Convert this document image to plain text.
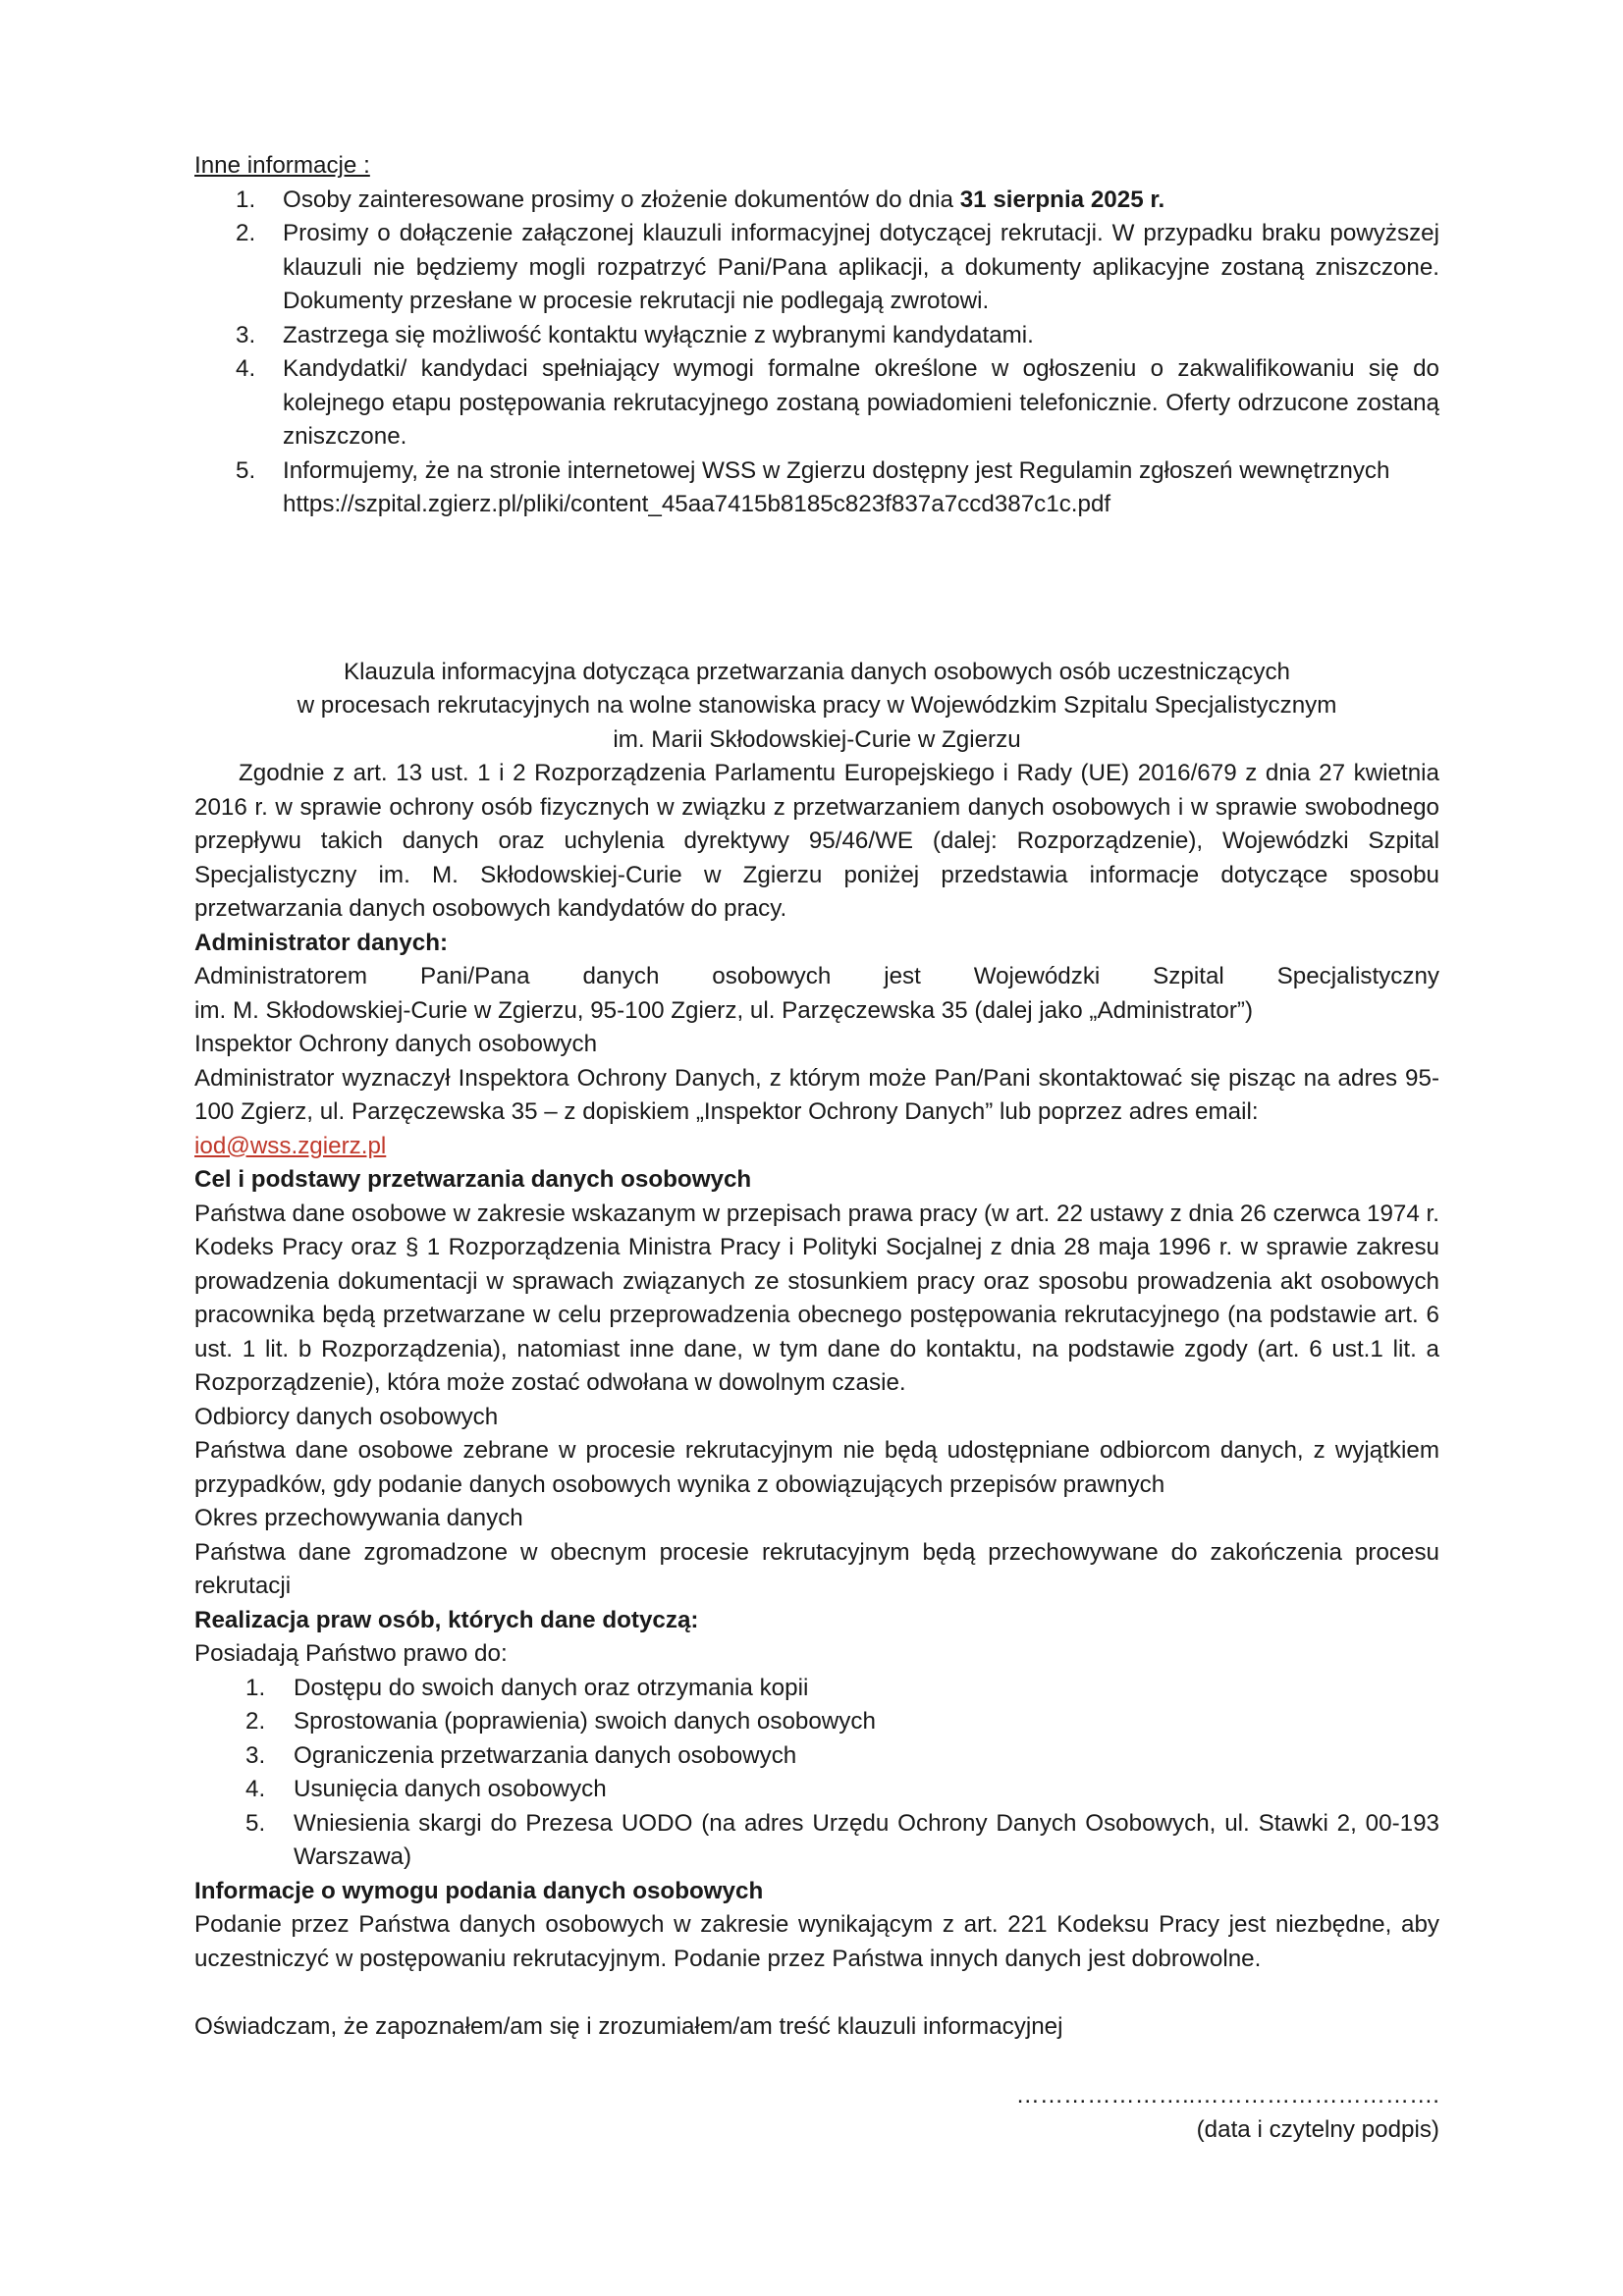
Inne informacje :
1. Osoby zainteresowane prosimy o złożenie dokumentów do dnia 31 sierpnia 2025 r.
2. Prosimy o dołączenie załączonej klauzuli informacyjnej dotyczącej rekrutacji. W przypadku braku powyższej klauzuli nie będziemy mogli rozpatrzyć Pani/Pana aplikacji, a dokumenty aplikacyjne zostaną zniszczone. Dokumenty przesłane w procesie rekrutacji nie podlegają zwrotowi.
3. Zastrzega się możliwość kontaktu wyłącznie z wybranymi kandydatami.
4. Kandydatki/ kandydaci spełniający wymogi formalne określone w ogłoszeniu o zakwalifikowaniu się do kolejnego etapu postępowania rekrutacyjnego zostaną powiadomieni telefonicznie. Oferty odrzucone zostaną zniszczone.
5. Informujemy, że na stronie internetowej WSS w Zgierzu dostępny jest Regulamin zgłoszeń wewnętrznych
https://szpital.zgierz.pl/pliki/content_45aa7415b8185c823f837a7ccd387c1c.pdf
Klauzula informacyjna dotycząca przetwarzania danych osobowych osób uczestniczących
w procesach rekrutacyjnych na wolne stanowiska pracy w Wojewódzkim Szpitalu Specjalistycznym
im. Marii Skłodowskiej-Curie w Zgierzu
Zgodnie z art. 13 ust. 1 i 2 Rozporządzenia Parlamentu Europejskiego i Rady (UE) 2016/679 z dnia 27 kwietnia 2016 r. w sprawie ochrony osób fizycznych w związku z przetwarzaniem danych osobowych i w sprawie swobodnego przepływu takich danych oraz uchylenia dyrektywy 95/46/WE (dalej: Rozporządzenie), Wojewódzki Szpital Specjalistyczny im. M. Skłodowskiej-Curie w Zgierzu poniżej przedstawia informacje dotyczące sposobu przetwarzania danych osobowych kandydatów do pracy.
Administrator danych:
Administratorem Pani/Pana danych osobowych jest Wojewódzki Szpital Specjalistyczny
im. M. Skłodowskiej-Curie w Zgierzu, 95-100 Zgierz, ul. Parzęczewska 35 (dalej jako „Administrator”)
Inspektor Ochrony danych osobowych
Administrator wyznaczył Inspektora Ochrony Danych, z którym może Pan/Pani skontaktować się pisząc na adres 95-100 Zgierz, ul. Parzęczewska 35 – z dopiskiem „Inspektor Ochrony Danych” lub poprzez adres email:
iod@wss.zgierz.pl
Cel i podstawy przetwarzania danych osobowych
Państwa dane osobowe w zakresie wskazanym w przepisach prawa pracy (w art. 22 ustawy z dnia 26 czerwca 1974 r. Kodeks Pracy oraz § 1 Rozporządzenia Ministra Pracy i Polityki Socjalnej z dnia 28 maja 1996 r. w sprawie zakresu prowadzenia dokumentacji w sprawach związanych ze stosunkiem pracy oraz sposobu prowadzenia akt osobowych pracownika będą przetwarzane w celu przeprowadzenia obecnego postępowania rekrutacyjnego (na podstawie art. 6 ust. 1 lit. b Rozporządzenia), natomiast inne dane, w tym dane do kontaktu, na podstawie zgody (art. 6 ust.1 lit. a Rozporządzenie), która może zostać odwołana w dowolnym czasie.
Odbiorcy danych osobowych
Państwa dane osobowe zebrane w procesie rekrutacyjnym nie będą udostępniane odbiorcom danych, z wyjątkiem przypadków, gdy podanie danych osobowych wynika z obowiązujących przepisów prawnych
Okres przechowywania danych
Państwa dane zgromadzone w obecnym procesie rekrutacyjnym będą przechowywane do zakończenia procesu rekrutacji
Realizacja praw osób, których dane dotyczą:
Posiadają Państwo prawo do:
1. Dostępu do swoich danych oraz otrzymania kopii
2. Sprostowania (poprawienia) swoich danych osobowych
3. Ograniczenia przetwarzania danych osobowych
4. Usunięcia danych osobowych
5. Wniesienia skargi do Prezesa UODO (na adres Urzędu Ochrony Danych Osobowych, ul. Stawki 2, 00-193 Warszawa)
Informacje o wymogu podania danych osobowych
Podanie przez Państwa danych osobowych w zakresie wynikającym z art. 221 Kodeksu Pracy jest niezbędne, aby uczestniczyć w postępowaniu rekrutacyjnym. Podanie przez Państwa innych danych jest dobrowolne.
Oświadczam, że zapoznałem/am się i zrozumiałem/am treść klauzuli informacyjnej
…………………..………………………….
(data i czytelny podpis)
